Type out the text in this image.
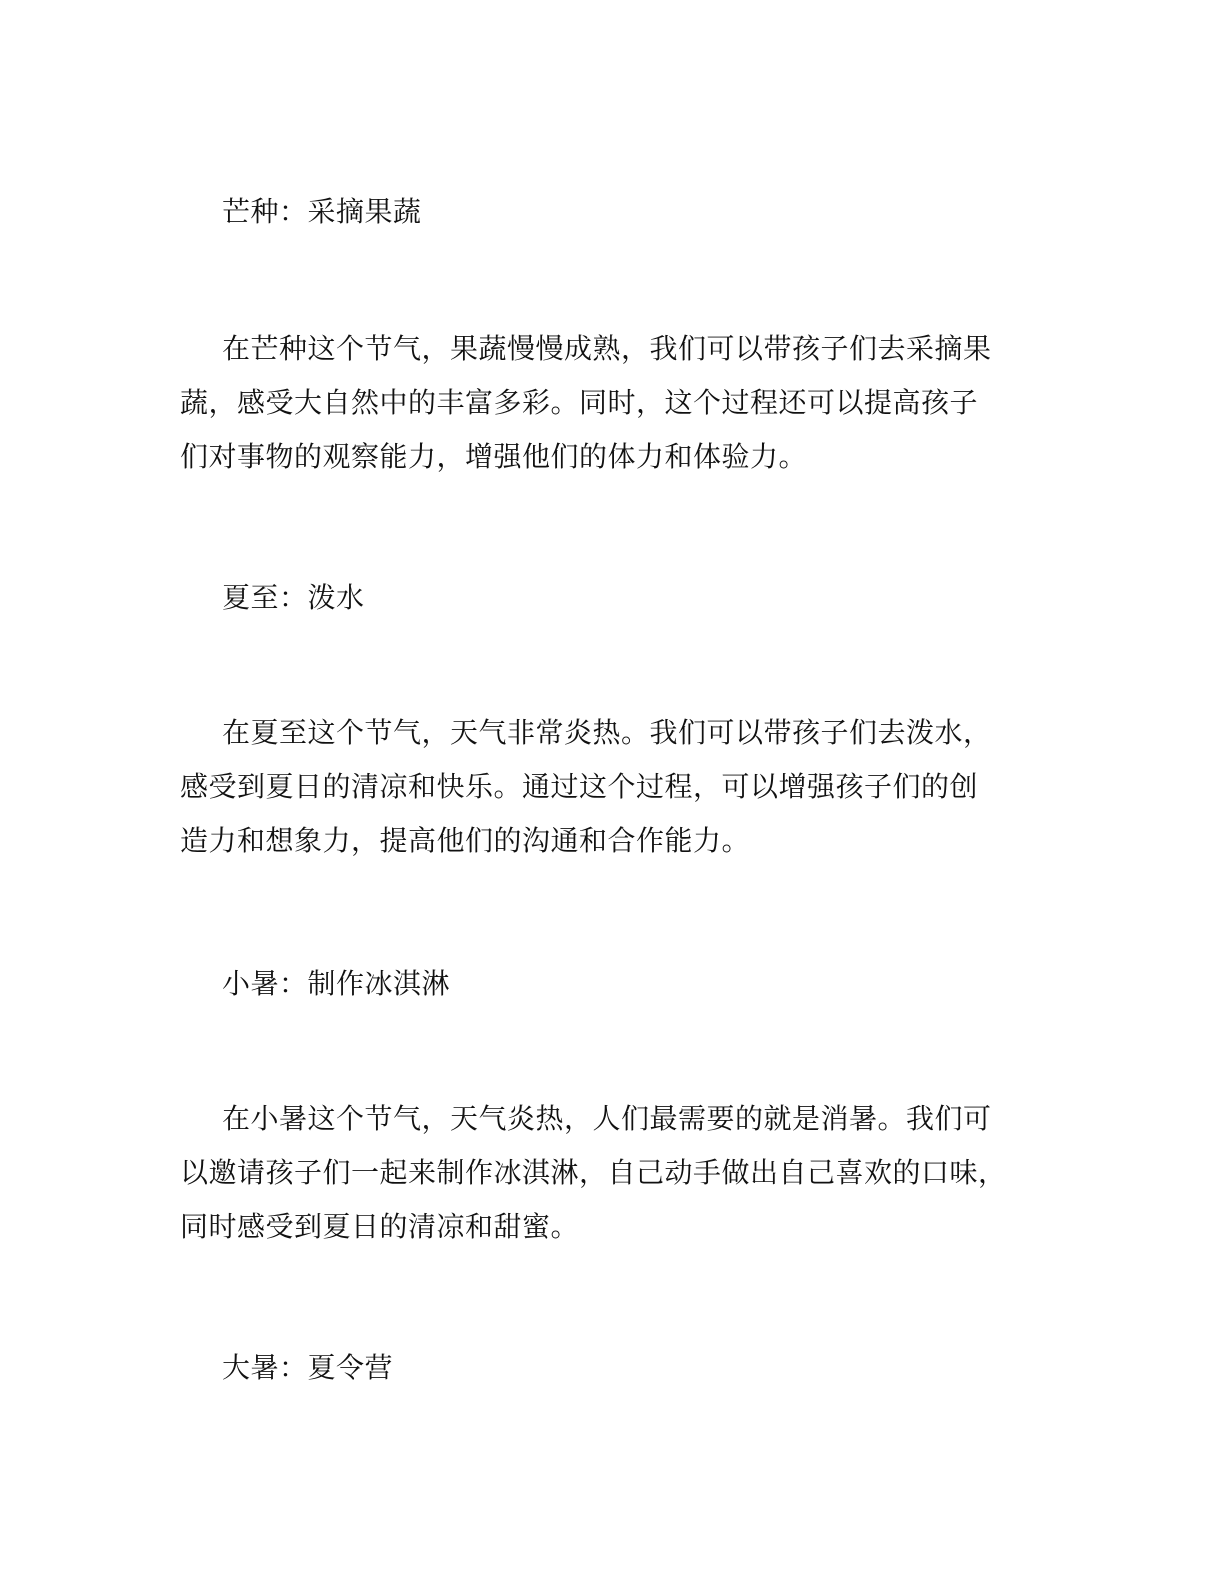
芒种：采摘果蔬
在芒种这个节气，果蔬慢慢成熟，我们可以带孩子们去采摘果
蔬，感受大自然中的丰富多彩。同时，这个过程还可以提高孩子
们对事物的观察能力，增强他们的体力和体验力。
夏至：泼水
在夏至这个节气，天气非常炎热。我们可以带孩子们去泼水，
感受到夏日的清凉和快乐。通过这个过程，可以增强孩子们的创
造力和想象力，提高他们的沟通和合作能力。
小暑：制作冰淇淋
在小暑这个节气，天气炎热，人们最需要的就是消暑。我们可
以邀请孩子们一起来制作冰淇淋，自己动手做出自己喜欢的口味，
同时感受到夏日的清凉和甜蜜。
大暑：夏令营
